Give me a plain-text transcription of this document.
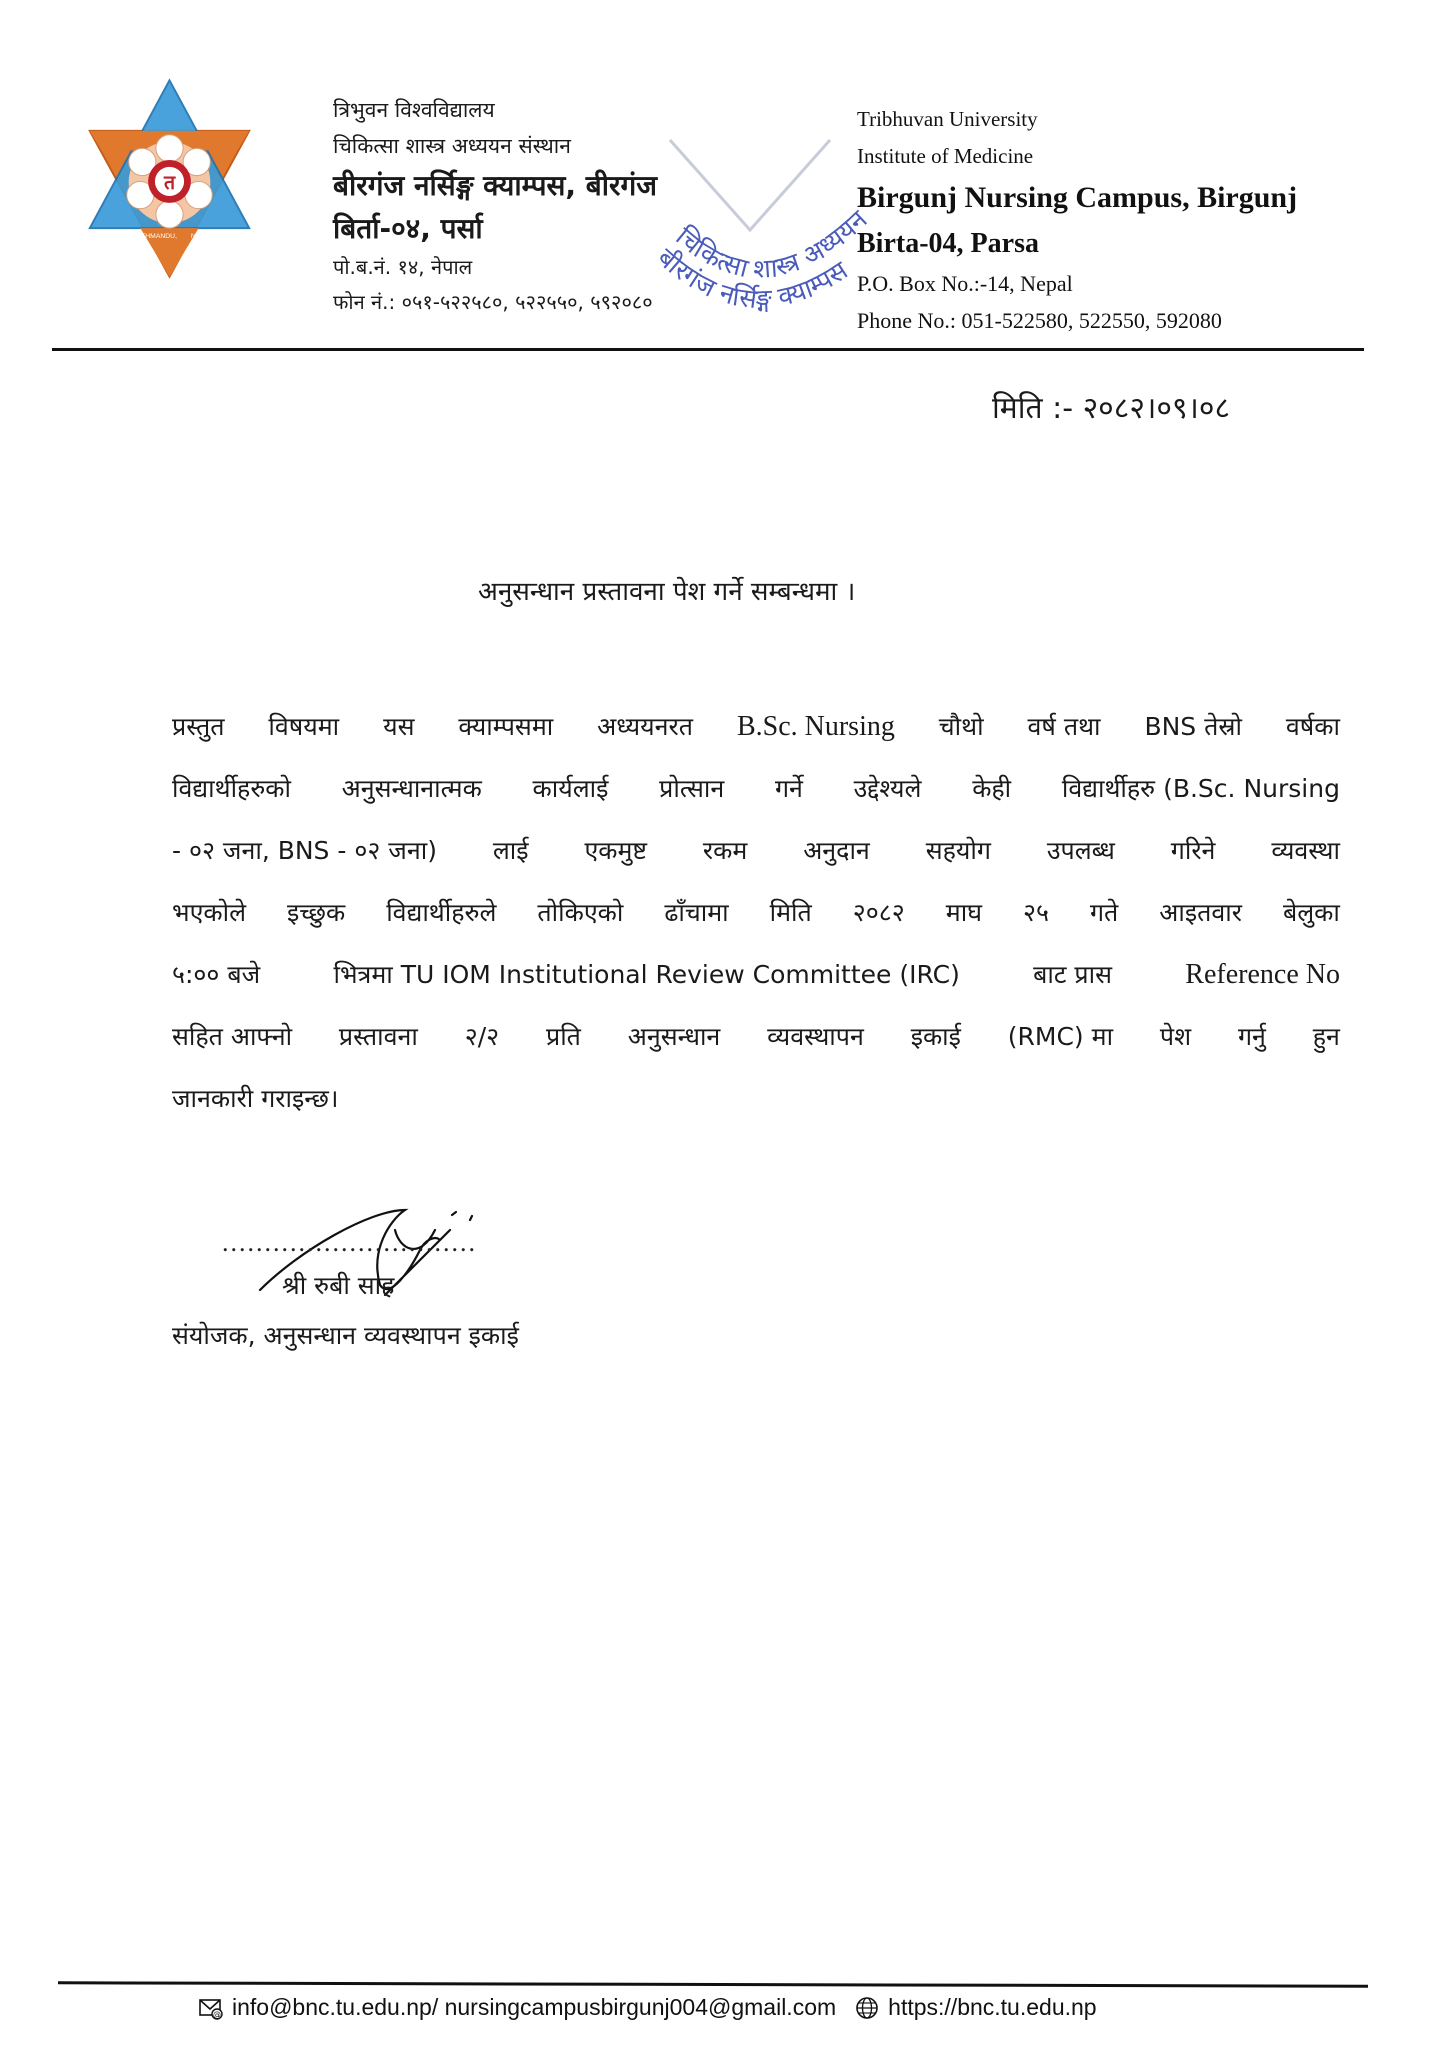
त
KATHMANDU, NEPAL
त्रिभुवन विश्वविद्यालय
चिकित्सा शास्त्र अध्ययन संस्थान
बीरगंज नर्सिङ्ग क्याम्पस, बीरगंज
बिर्ता-०४, पर्सा
पो.ब.नं. १४, नेपाल
फोन नं.: ०५१-५२२५८०, ५२२५५०, ५९२०८०
चिकित्सा शास्त्र अध्ययन
बीरगंज नर्सिङ्ग क्याम्पस
Tribhuvan University
Institute of Medicine
Birgunj Nursing Campus, Birgunj
Birta-04, Parsa
P.O. Box No.:-14, Nepal
Phone No.: 051-522580, 522550, 592080
मिति :- २०८२।०९।०८
अनुसन्धान प्रस्तावना पेश गर्ने सम्बन्धमा ।
प्रस्तुत विषयमा यस क्याम्पसमा अध्ययनरत B.Sc. Nursing चौथो वर्ष तथा BNS तेस्रो वर्षका
विद्यार्थीहरुको अनुसन्धानात्मक कार्यलाई प्रोत्सान गर्ने उद्देश्यले केही विद्यार्थीहरु (B.Sc. Nursing
- ०२ जना, BNS - ०२ जना) लाई एकमुष्ट रकम अनुदान सहयोग उपलब्ध गरिने व्यवस्था
भएकोले इच्छुक विद्यार्थीहरुले तोकिएको ढाँचामा मिति २०८२ माघ २५ गते आइतवार बेलुका
५:०० बजे	भित्रमा TU IOM Institutional Review Committee (IRC)	बाट प्रास	Reference No
सहित आफ्नो प्रस्तावना २/२ प्रति अनुसन्धान व्यवस्थापन इकाई (RMC) मा पेश गर्नु हुन
जानकारी गराइन्छ।
..............................
श्री रुबी साह
संयोजक, अनुसन्धान व्यवस्थापन इकाई
@ info@bnc.tu.edu.np/ nursingcampusbirgunj004@gmail.com https://bnc.tu.edu.np
